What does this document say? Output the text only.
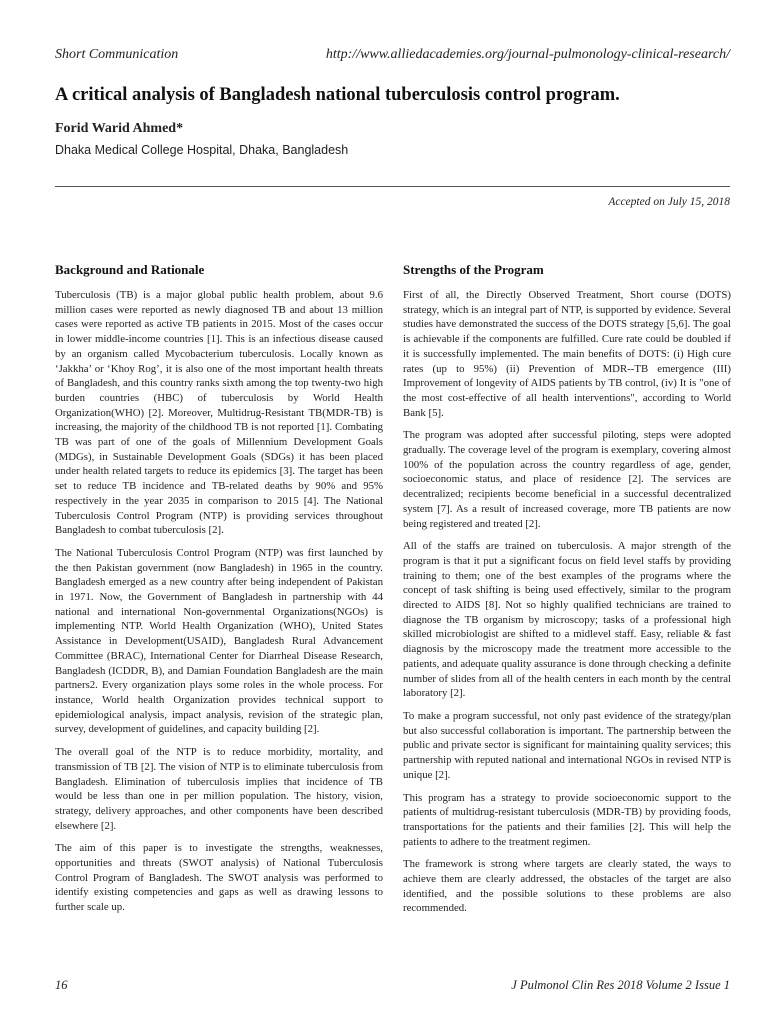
Short Communication	http://www.alliedacademies.org/journal-pulmonology-clinical-research/
A critical analysis of Bangladesh national tuberculosis control program.
Forid Warid Ahmed*
Dhaka Medical College Hospital, Dhaka, Bangladesh
Accepted on July 15, 2018
Background and Rationale

Tuberculosis (TB) is a major global public health problem, about 9.6 million cases were reported as newly diagnosed TB and about 13 million cases were reported as active TB patients in 2015. Most of the cases occur in lower middle-income countries [1]. This is an infectious disease caused by an organism called Mycobacterium tuberculosis. Locally known as ‘Jakkha’ or ‘Khoy Rog’, it is also one of the most important health threats of Bangladesh, and this country ranks sixth among the top twenty-two high burden countries (HBC) of tuberculosis by World Health Organization(WHO) [2]. Moreover, Multidrug-Resistant TB(MDR-TB) is increasing, the majority of the childhood TB is not reported [1]. Combating TB was part of one of the goals of Millennium Development Goals (MDGs), in Sustainable Development Goals (SDGs) it has been placed under health related targets to reduce its epidemics [3]. The target has been set to reduce TB incidence and TB-related deaths by 90% and 95% respectively in the year 2035 in comparison to 2015 [4]. The National Tuberculosis Control Program (NTP) is providing services throughout Bangladesh to combat tuberculosis [2].

The National Tuberculosis Control Program (NTP) was first launched by the then Pakistan government (now Bangladesh) in 1965 in the country. Bangladesh emerged as a new country after being independent of Pakistan in 1971. Now, the Government of Bangladesh in partnership with 44 national and international Non-governmental Organizations(NGOs) is implementing NTP. World Health Organization (WHO), United States Assistance in Development(USAID), Bangladesh Rural Advancement Committee (BRAC), International Center for Diarrheal Disease Research, Bangladesh (ICDDR, B), and Damian Foundation Bangladesh are the main partners2. Every organization plays some roles in the whole process. For instance, World health Organization provides technical support to epidemiological analysis, impact analysis, revision of the strategic plan, survey, development of guidelines, and capacity building [2].

The overall goal of the NTP is to reduce morbidity, mortality, and transmission of TB [2]. The vision of NTP is to eliminate tuberculosis from Bangladesh. Elimination of tuberculosis implies that incidence of TB would be less than one in per million population. The history, vision, strategy, delivery approaches, and other components have been described elsewhere [2].

The aim of this paper is to investigate the strengths, weaknesses, opportunities and threats (SWOT analysis) of National Tuberculosis Control Program of Bangladesh. The SWOT analysis was performed to identify existing competencies and gaps as well as drawing lessons to further scale up.

Strengths of the Program

First of all, the Directly Observed Treatment, Short course (DOTS) strategy, which is an integral part of NTP, is supported by evidence. Several studies have demonstrated the success of the DOTS strategy [5,6]. The goal is achievable if the components are fulfilled. Cure rate could be doubled if it is successfully implemented. The main benefits of DOTS: (i) High cure rates (up to 95%) (ii) Prevention of MDR--TB emergence (III) Improvement of longevity of AIDS patients by TB control, (iv) It is "one of the most cost-effective of all health interventions", according to World Bank [5].

The program was adopted after successful piloting, steps were adopted gradually. The coverage level of the program is exemplary, covering almost 100% of the population across the country regardless of age, gender, socioeconomic status, and place of residence [2]. The services are decentralized; recipients become beneficial in a successful decentralized system [7]. As a result of increased coverage, more TB patients are now being registered and treated [2].

All of the staffs are trained on tuberculosis. A major strength of the program is that it put a significant focus on field level staffs by providing training to them; one of the best examples of the programs where the concept of task shifting is being used effectively, similar to the program directed to AIDS [8]. Not so highly qualified technicians are trained to diagnose the TB organism by microscopy; tasks of a professional high skilled microbiologist are shifted to a midlevel staff. Easy, reliable & fast diagnosis by the microscopy made the treatment more accessible to the patients, and adequate quality assurance is done through checking a definite number of slides from all of the health centers in each month by the central laboratory [2].

To make a program successful, not only past evidence of the strategy/plan but also successful collaboration is important. The partnership between the public and private sector is significant for maintaining quality services; this partnership with reputed national and international NGOs in revised NTP is unique [2].

This program has a strategy to provide socioeconomic support to the patients of multidrug-resistant tuberculosis (MDR-TB) by providing foods, transportations for the patients and their families [2]. This will help the patients to adhere to the treatment regimen.

The framework is strong where targets are clearly stated, the ways to achieve them are clearly addressed, the obstacles of the target are also identified, and the possible solutions to these problems are also recommended.

16	J Pulmonol Clin Res 2018 Volume 2 Issue 1
